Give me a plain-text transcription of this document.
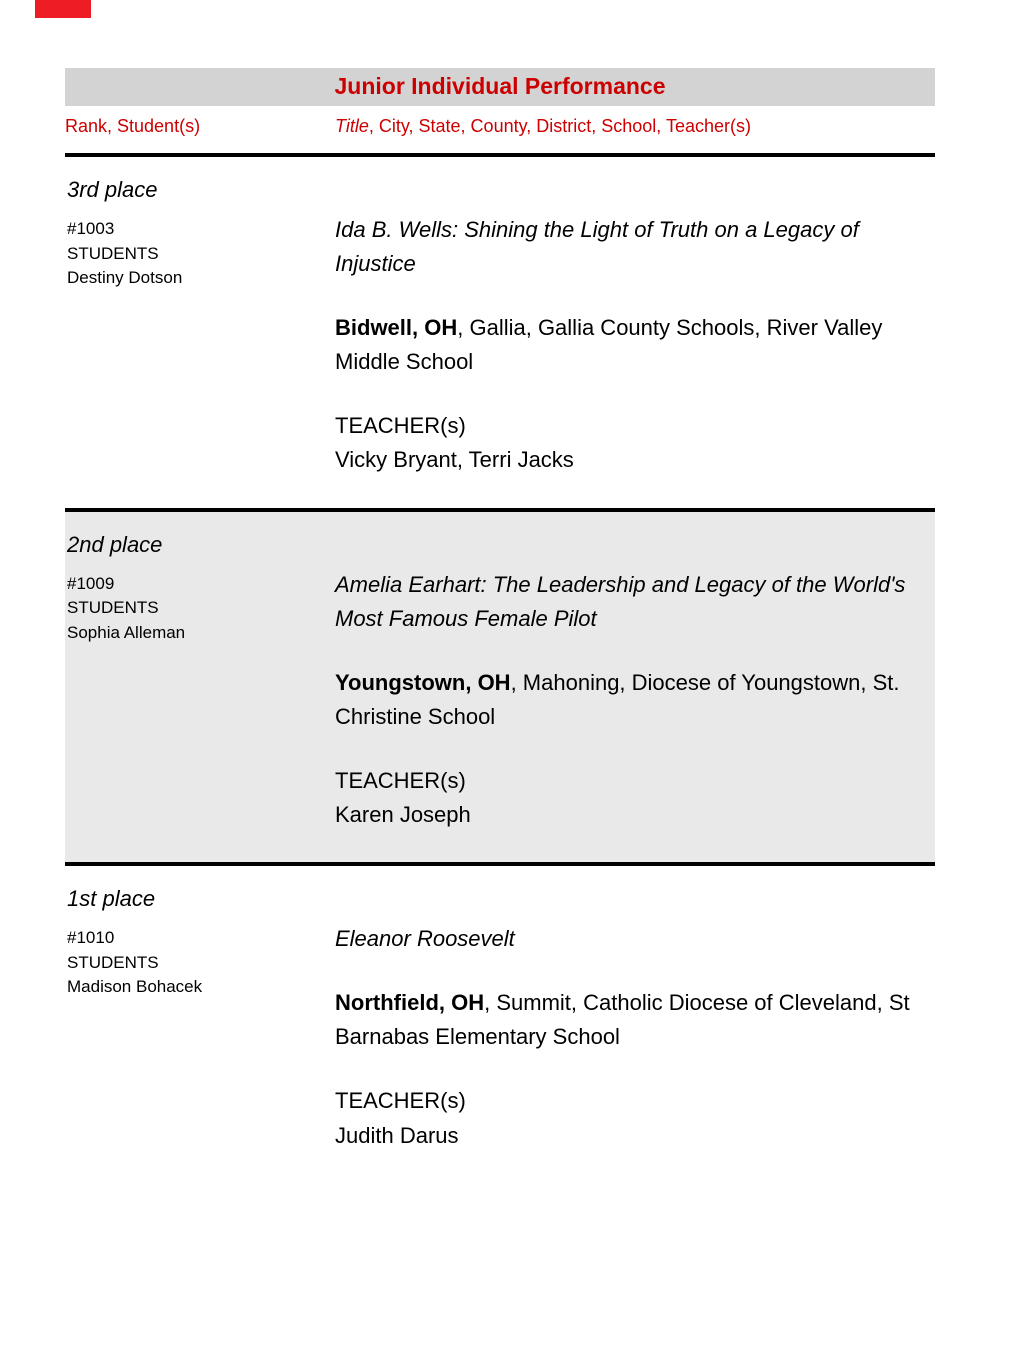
Junior Individual Performance
Rank, Student(s)	Title, City, State, County, District, School, Teacher(s)
3rd place
#1003
STUDENTS
Destiny Dotson

Ida B. Wells: Shining the Light of Truth on a Legacy of Injustice

Bidwell, OH, Gallia, Gallia County Schools, River Valley Middle School

TEACHER(s)
Vicky Bryant, Terri Jacks

2nd place
#1009
STUDENTS
Sophia Alleman

Amelia Earhart: The Leadership and Legacy of the World's Most Famous Female Pilot

Youngstown, OH, Mahoning, Diocese of Youngstown, St. Christine School

TEACHER(s)
Karen Joseph

1st place
#1010
STUDENTS
Madison Bohacek

Eleanor Roosevelt

Northfield, OH, Summit, Catholic Diocese of Cleveland, St Barnabas Elementary School

TEACHER(s)
Judith Darus
